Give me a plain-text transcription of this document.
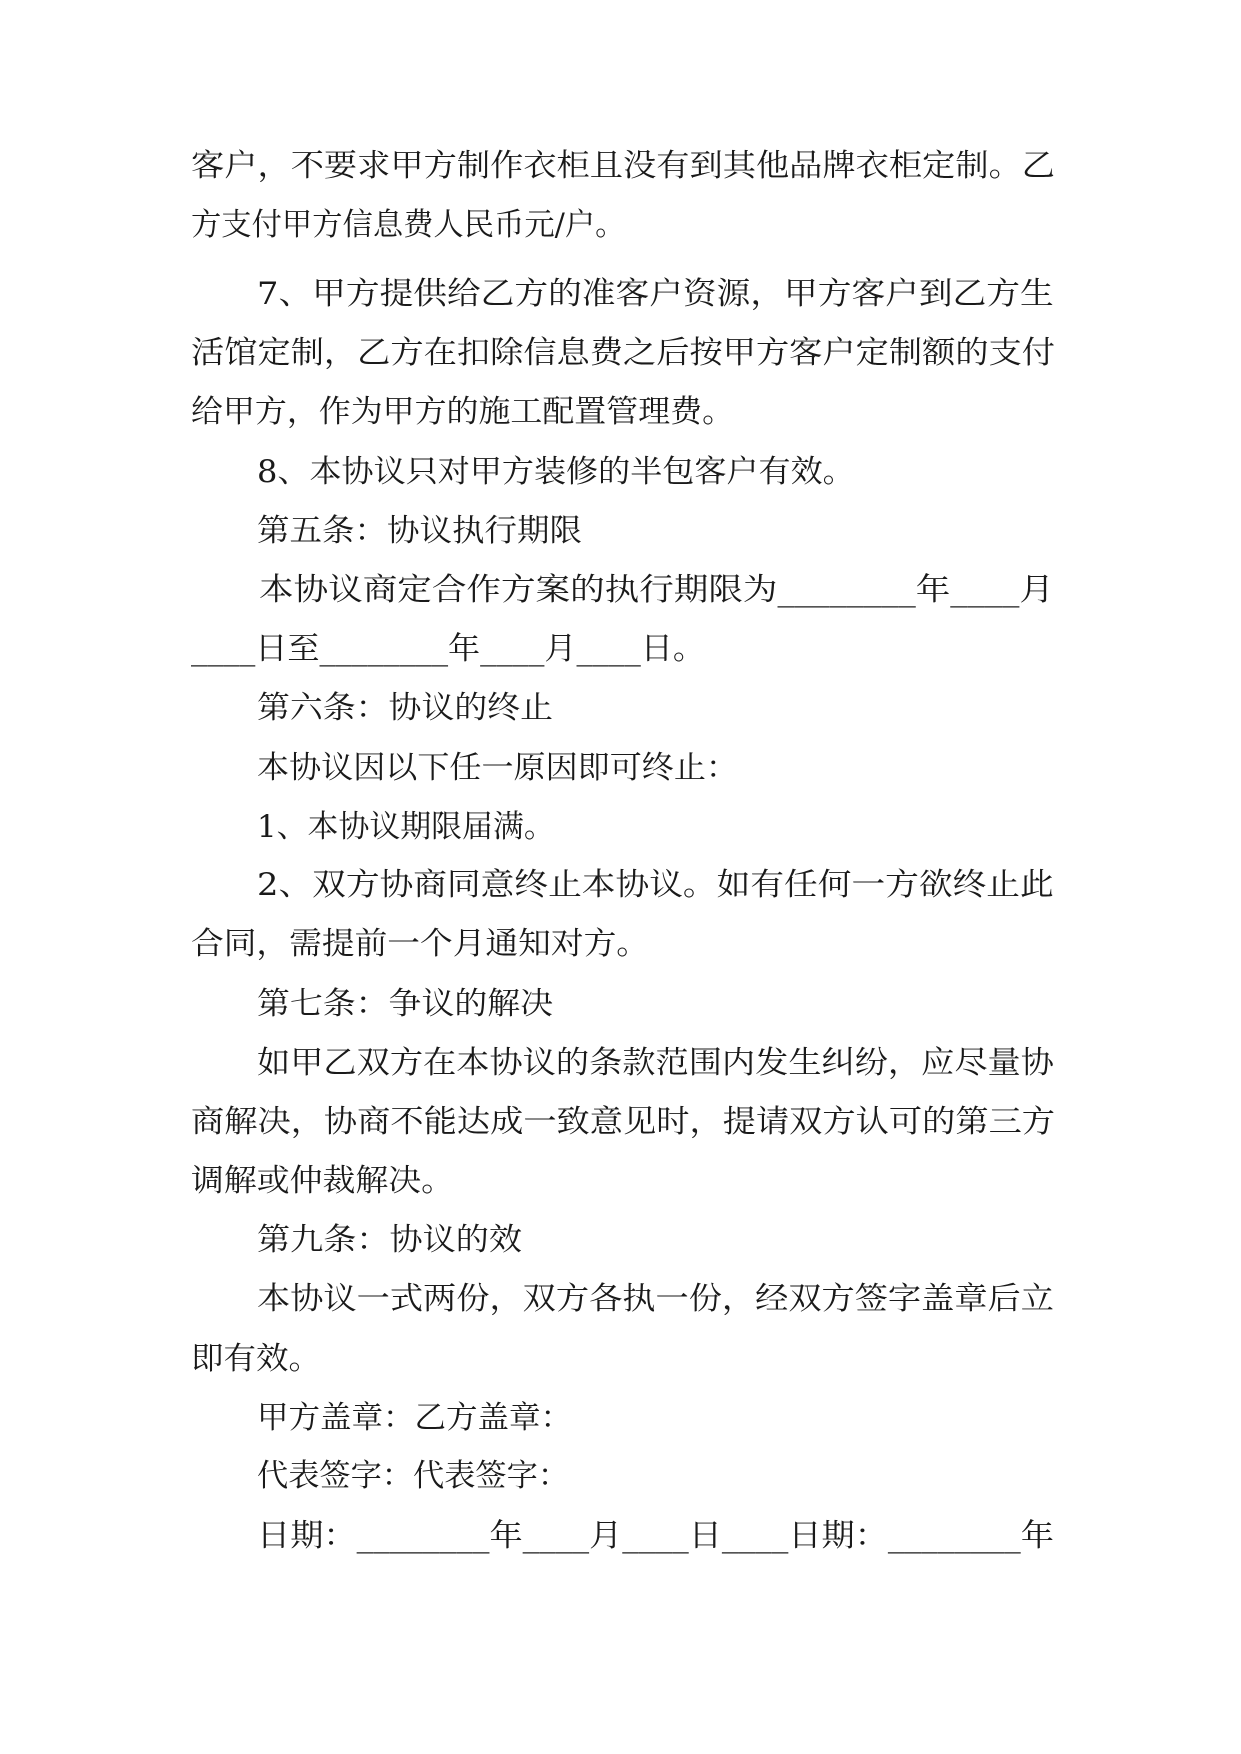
客户，不要求甲方制作衣柜且没有到其他品牌衣柜定制。乙
方支付甲方信息费人民币元/户。
7、甲方提供给乙方的准客户资源，甲方客户到乙方生
活馆定制，乙方在扣除信息费之后按甲方客户定制额的支付
给甲方，作为甲方的施工配置管理费。
8、本协议只对甲方装修的半包客户有效。
第五条：协议执行期限
本协议商定合作方案的执行期限为________年____月
____日至________年____月____日。
第六条：协议的终止
本协议因以下任一原因即可终止：
1、本协议期限届满。
2、双方协商同意终止本协议。如有任何一方欲终止此
合同，需提前一个月通知对方。
第七条：争议的解决
如甲乙双方在本协议的条款范围内发生纠纷，应尽量协
商解决，协商不能达成一致意见时，提请双方认可的第三方
调解或仲裁解决。
第九条：协议的效
本协议一式两份，双方各执一份，经双方签字盖章后立
即有效。
甲方盖章：乙方盖章：
代表签字：代表签字：
日期：________年____月____日____日期：________年
